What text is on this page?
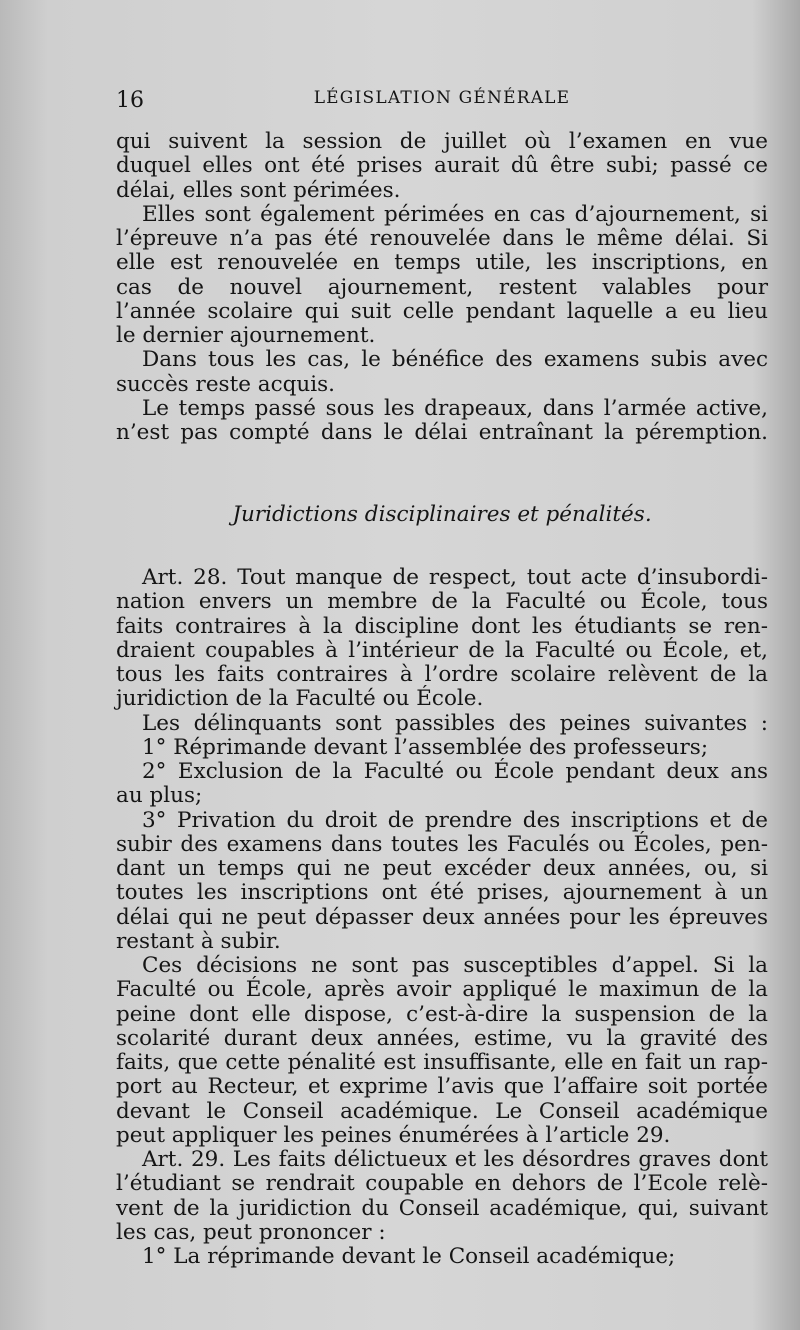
16	LÉGISLATION GÉNÉRALE
qui suivent la session de juillet où l’examen en vue
duquel elles ont été prises aurait dû être subi; passé ce
délai, elles sont périmées.
Elles sont également périmées en cas d’ajournement, si
l’épreuve n’a pas été renouvelée dans le même délai. Si
elle est renouvelée en temps utile, les inscriptions, en
cas de nouvel ajournement, restent valables pour
l’année scolaire qui suit celle pendant laquelle a eu lieu
le dernier ajournement.
Dans tous les cas, le bénéfice des examens subis avec
succès reste acquis.
Le temps passé sous les drapeaux, dans l’armée active,
n’est pas compté dans le délai entraînant la péremption.
Juridictions disciplinaires et pénalités.
Art. 28. Tout manque de respect, tout acte d’insubordi-
nation envers un membre de la Faculté ou École, tous
faits contraires à la discipline dont les étudiants se ren-
draient coupables à l’intérieur de la Faculté ou École, et,
tous les faits contraires à l’ordre scolaire relèvent de la
juridiction de la Faculté ou École.
Les délinquants sont passibles des peines suivantes :
1° Réprimande devant l’assemblée des professeurs;
2° Exclusion de la Faculté ou École pendant deux ans
au plus;
3° Privation du droit de prendre des inscriptions et de
subir des examens dans toutes les Faculés ou Écoles, pen-
dant un temps qui ne peut excéder deux années, ou, si
toutes les inscriptions ont été prises, ajournement à un
délai qui ne peut dépasser deux années pour les épreuves
restant à subir.
Ces décisions ne sont pas susceptibles d’appel. Si la
Faculté ou École, après avoir appliqué le maximun de la
peine dont elle dispose, c’est-à-dire la suspension de la
scolarité durant deux années, estime, vu la gravité des
faits, que cette pénalité est insuffisante, elle en fait un rap-
port au Recteur, et exprime l’avis que l’affaire soit portée
devant le Conseil académique. Le Conseil académique
peut appliquer les peines énumérées à l’article 29.
Art. 29. Les faits délictueux et les désordres graves dont
l’étudiant se rendrait coupable en dehors de l’Ecole relè-
vent de la juridiction du Conseil académique, qui, suivant
les cas, peut prononcer :
1° La réprimande devant le Conseil académique;
